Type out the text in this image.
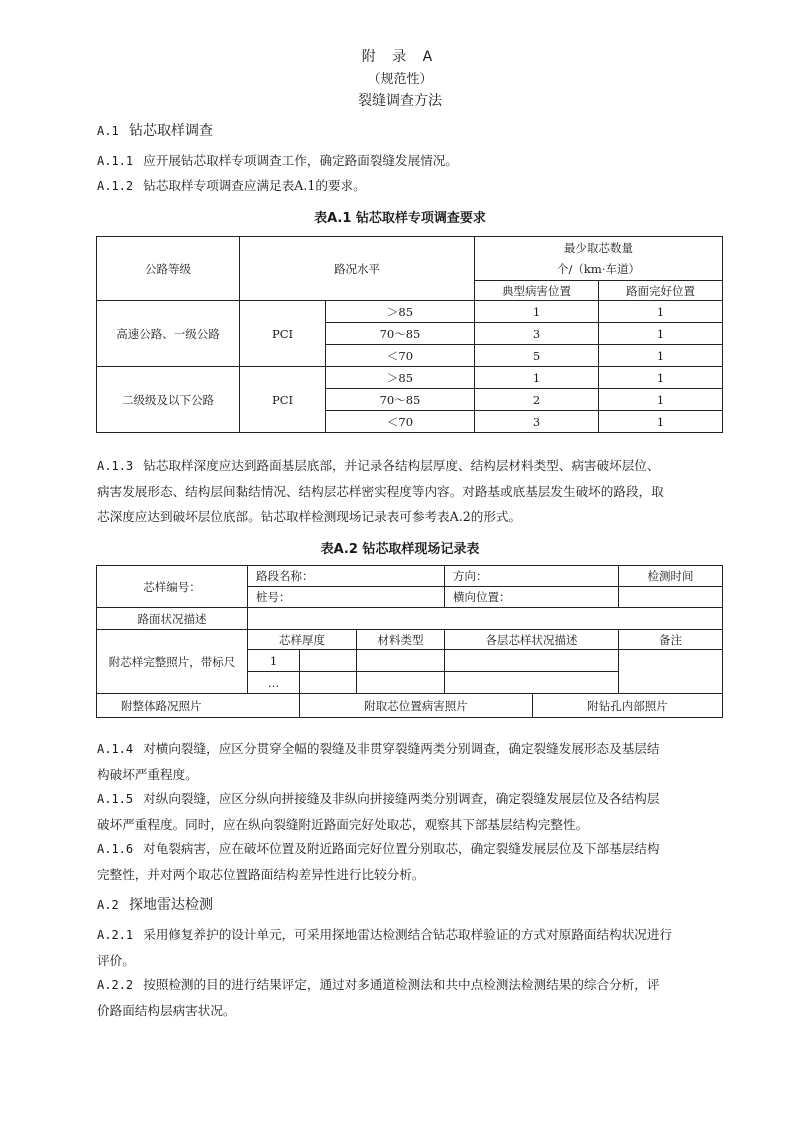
附 录 A
（规范性）
裂缝调查方法
A.1 钻芯取样调查
A.1.1 应开展钻芯取样专项调查工作，确定路面裂缝发展情况。
A.1.2 钻芯取样专项调查应满足表A.1的要求。
表A.1 钻芯取样专项调查要求
公路等级	路况水平		最少取芯数量
个/（km·车道）	

			典型病害位置	路面完好位置
高速公路、一级公路	PCI	＞85	1	1
		70～85	3	1
		＜70	5	1
二级级及以下公路	PCI	＞85	1	1
		70～85	2	1
		＜70	3	1
A.1.3 钻芯取样深度应达到路面基层底部，并记录各结构层厚度、结构层材料类型、病害破坏层位、
病害发展形态、结构层间黏结情况、结构层芯样密实程度等内容。对路基或底基层发生破坏的路段，取
芯深度应达到破坏层位底部。钻芯取样检测现场记录表可参考表A.2的形式。
表A.2 钻芯取样现场记录表
芯样编号：	路段名称：			方向：		检测时间
	桩号：			横向位置：		
路面状况描述						
附芯样完整照片，带标尺	芯样厚度		材料类型	各层芯样状况描述		备注
	1					
	…					
附整体路况照片		附取芯位置病害照片			附钻孔内部照片	
A.1.4 对横向裂缝，应区分贯穿全幅的裂缝及非贯穿裂缝两类分别调查，确定裂缝发展形态及基层结
构破坏严重程度。
A.1.5 对纵向裂缝，应区分纵向拼接缝及非纵向拼接缝两类分别调查，确定裂缝发展层位及各结构层
破坏严重程度。同时，应在纵向裂缝附近路面完好处取芯，观察其下部基层结构完整性。
A.1.6 对龟裂病害，应在破坏位置及附近路面完好位置分别取芯，确定裂缝发展层位及下部基层结构
完整性，并对两个取芯位置路面结构差异性进行比较分析。
A.2 探地雷达检测
A.2.1 采用修复养护的设计单元，可采用探地雷达检测结合钻芯取样验证的方式对原路面结构状况进行
评价。
A.2.2 按照检测的目的进行结果评定，通过对多通道检测法和共中点检测法检测结果的综合分析，评
价路面结构层病害状况。
